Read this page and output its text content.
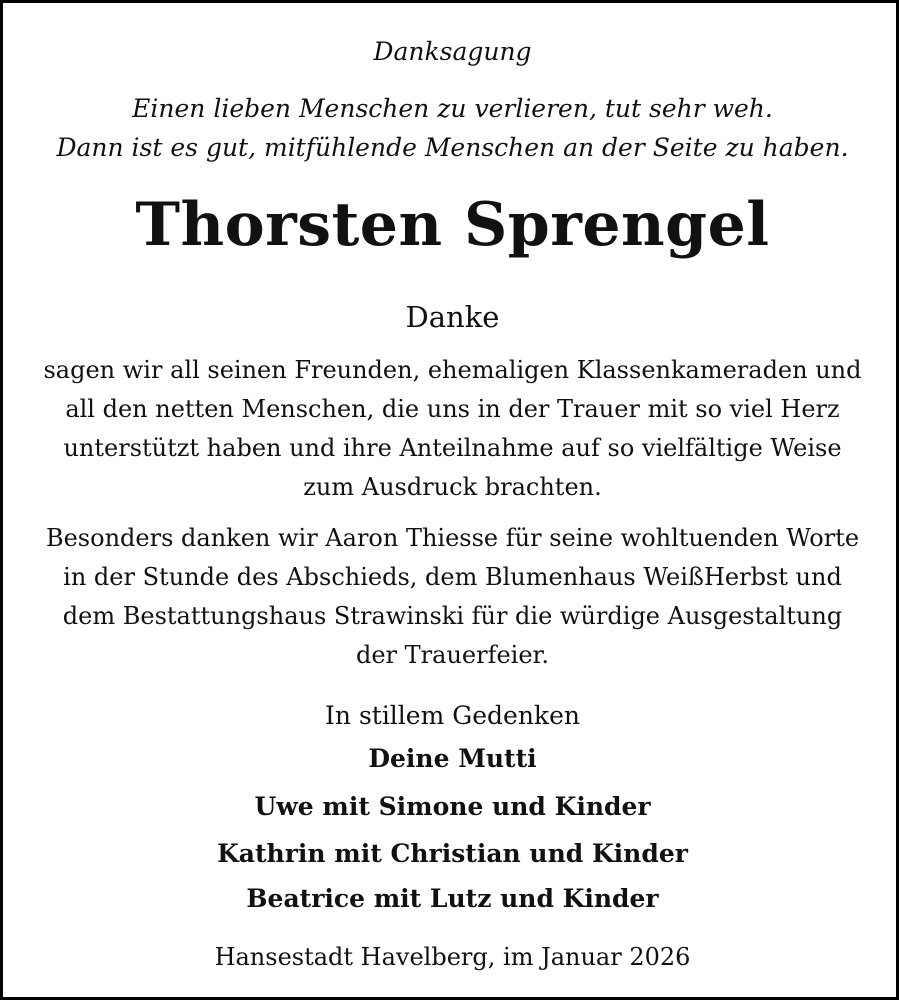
Danksagung
Einen lieben Menschen zu verlieren, tut sehr weh.
Dann ist es gut, mitfühlende Menschen an der Seite zu haben.
Thorsten Sprengel
Danke
sagen wir all seinen Freunden, ehemaligen Klassenkameraden und
all den netten Menschen, die uns in der Trauer mit so viel Herz
unterstützt haben und ihre Anteilnahme auf so vielfältige Weise
zum Ausdruck brachten.
Besonders danken wir Aaron Thiesse für seine wohltuenden Worte
in der Stunde des Abschieds, dem Blumenhaus WeißHerbst und
dem Bestattungshaus Strawinski für die würdige Ausgestaltung
der Trauerfeier.
In stillem Gedenken
Deine Mutti
Uwe mit Simone und Kinder
Kathrin mit Christian und Kinder
Beatrice mit Lutz und Kinder
Hansestadt Havelberg, im Januar 2026
